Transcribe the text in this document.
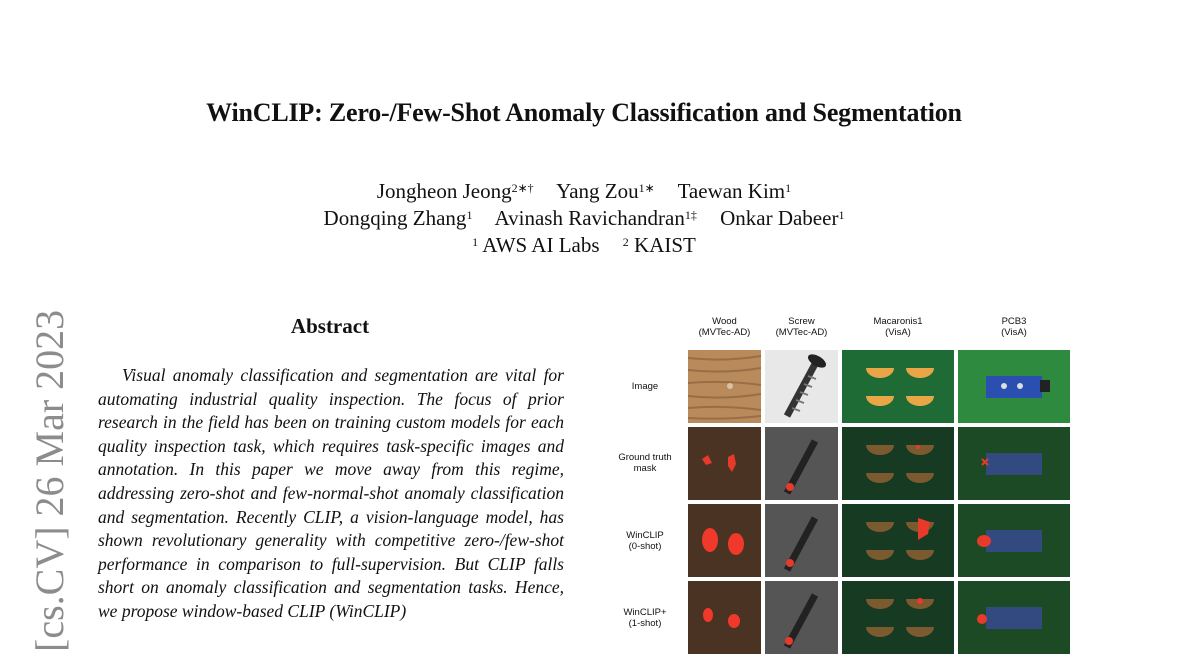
WinCLIP: Zero-/Few-Shot Anomaly Classification and Segmentation
Jongheon Jeong$^{2∗\dagger}$ Yang Zou$^{1∗}$ Taewan Kim$^1$
Dongqing Zhang$^1$ Avinash Ravichandran$^{1\ddagger}$ Onkar Dabeer$^1$
$^1$ AWS AI Labs $^2$ KAIST
[cs.CV] 26 Mar 2023	Abstract

Visual anomaly classification and segmentation are vital for automating industrial quality inspection. The focus of prior research in the field has been on training custom models for each quality inspection task, which requires task-specific images and annotation. In this paper we move away from this regime, addressing zero-shot and few-normal-shot anomaly classification and segmentation. Recently CLIP, a vision-language model, has shown revolutionary generality with competitive zero-/few-shot performance in comparison to full-supervision. But CLIP falls short on anomaly classification and segmentation tasks. Hence, we propose window-based CLIP (WinCLIP)

Wood
(MVTec-AD)
Screw
(MVTec-AD)
Macaronis1
(VisA)
PCB3
(VisA)
Image
Ground truth
mask
WinCLIP
(0-shot)
WinCLIP+
(1-shot)
